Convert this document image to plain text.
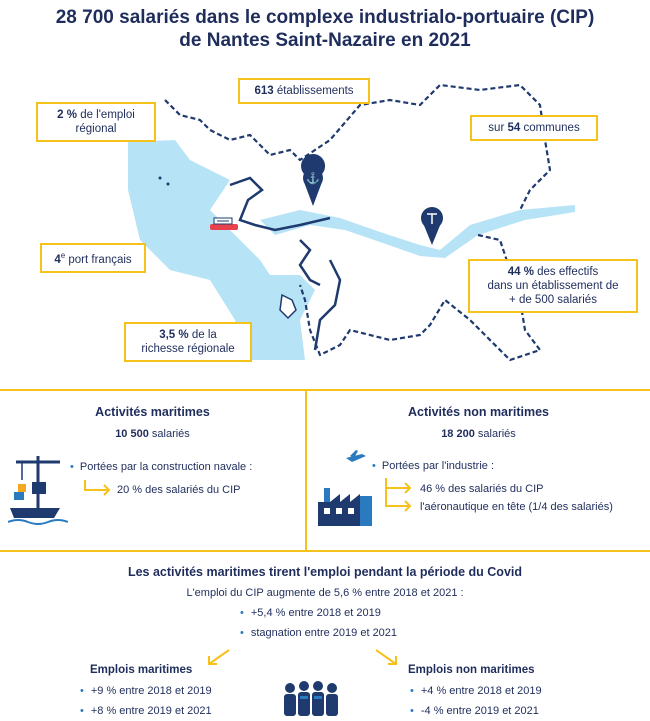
28 700 salariés dans le complexe industrialo-portuaire (CIP)
de Nantes Saint-Nazaire en 2021
⚓
613 établissements
2 % de l'emploi
régional	sur 54 communes
4e port français
44 % des effectifs
dans un établissement de
+ de 500 salariés
3,5 % de la
richesse régionale
Activités maritimes
10 500 salariés
• Portées par la construction navale :
20 % des salariés du CIP
Activités non maritimes
18 200 salariés
• Portées par l'industrie :
46 % des salariés du CIP
l'aéronautique en tête (1/4 des salariés)
Les activités maritimes tirent l'emploi pendant la période du Covid
L'emploi du CIP augmente de 5,6 % entre 2018 et 2021 :
• +5,4 % entre 2018 et 2019
• stagnation entre 2019 et 2021
Emplois maritimes
• +9 % entre 2018 et 2019
• +8 % entre 2019 et 2021
Emplois non maritimes
• +4 % entre 2018 et 2019
• -4 % entre 2019 et 2021
